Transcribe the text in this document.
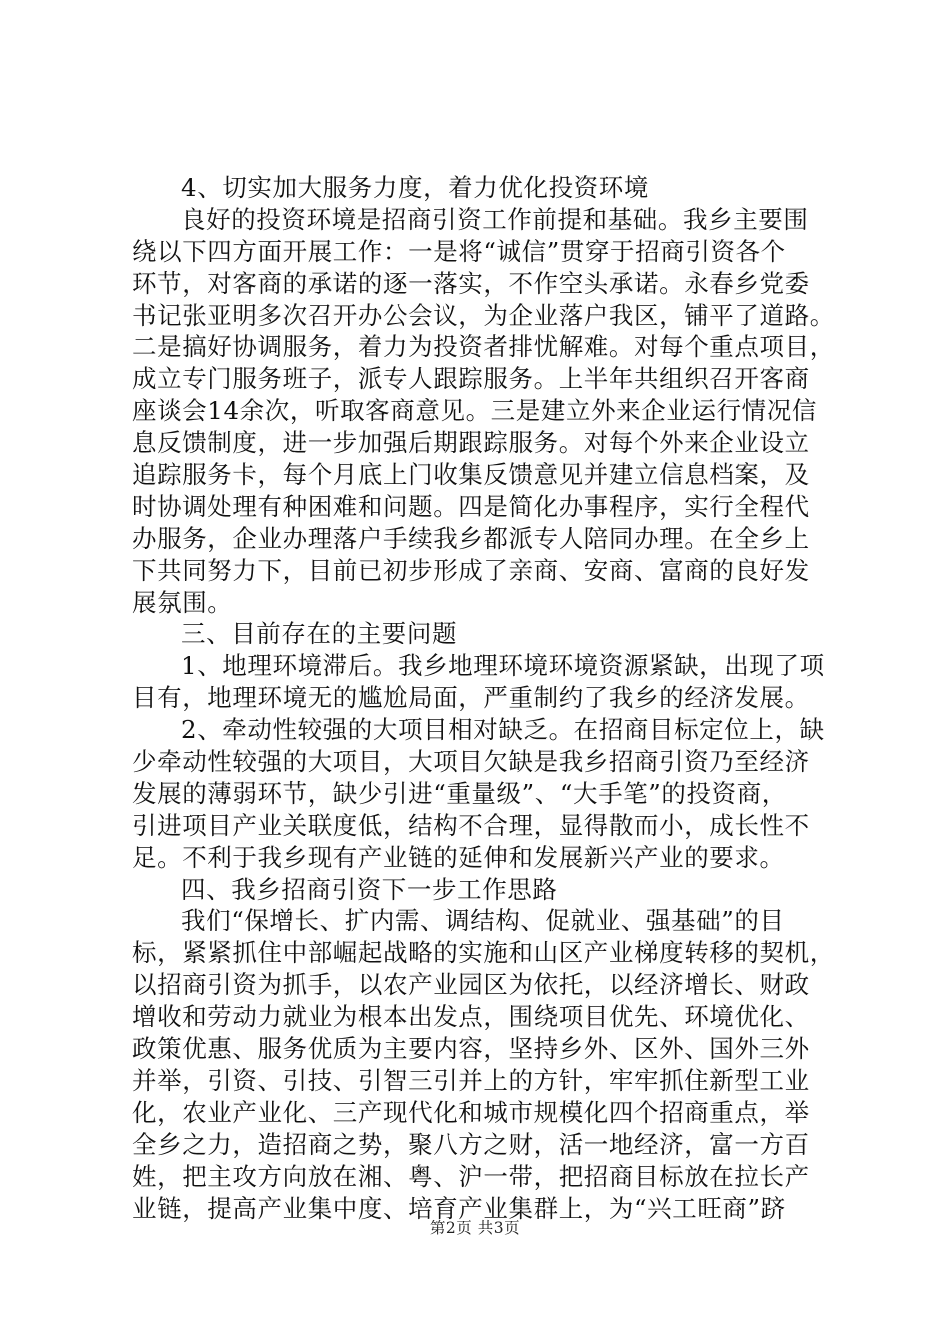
4、切实加大服务力度，着力优化投资环境
良好的投资环境是招商引资工作前提和基础。我乡主要围
绕以下四方面开展工作：一是将“诚信”贯穿于招商引资各个
环节，对客商的承诺的逐一落实，不作空头承诺。永春乡党委
书记张亚明多次召开办公会议，为企业落户我区，铺平了道路。
二是搞好协调服务，着力为投资者排忧解难。对每个重点项目，
成立专门服务班子，派专人跟踪服务。上半年共组织召开客商
座谈会14余次，听取客商意见。三是建立外来企业运行情况信
息反馈制度，进一步加强后期跟踪服务。对每个外来企业设立
追踪服务卡，每个月底上门收集反馈意见并建立信息档案，及
时协调处理有种困难和问题。四是简化办事程序，实行全程代
办服务，企业办理落户手续我乡都派专人陪同办理。在全乡上
下共同努力下，目前已初步形成了亲商、安商、富商的良好发
展氛围。
三、目前存在的主要问题
1、地理环境滞后。我乡地理环境环境资源紧缺，出现了项
目有，地理环境无的尴尬局面，严重制约了我乡的经济发展。
2、牵动性较强的大项目相对缺乏。在招商目标定位上，缺
少牵动性较强的大项目，大项目欠缺是我乡招商引资乃至经济
发展的薄弱环节，缺少引进“重量级”、“大手笔”的投资商，
引进项目产业关联度低，结构不合理，显得散而小，成长性不
足。不利于我乡现有产业链的延伸和发展新兴产业的要求。
四、我乡招商引资下一步工作思路
我们“保增长、扩内需、调结构、促就业、强基础”的目
标，紧紧抓住中部崛起战略的实施和山区产业梯度转移的契机，
以招商引资为抓手，以农产业园区为依托，以经济增长、财政
增收和劳动力就业为根本出发点，围绕项目优先、环境优化、
政策优惠、服务优质为主要内容，坚持乡外、区外、国外三外
并举，引资、引技、引智三引并上的方针，牢牢抓住新型工业
化，农业产业化、三产现代化和城市规模化四个招商重点，举
全乡之力，造招商之势，聚八方之财，活一地经济，富一方百
姓，把主攻方向放在湘、粤、沪一带，把招商目标放在拉长产
业链，提高产业集中度、培育产业集群上，为“兴工旺商”跻
第2页 共3页
